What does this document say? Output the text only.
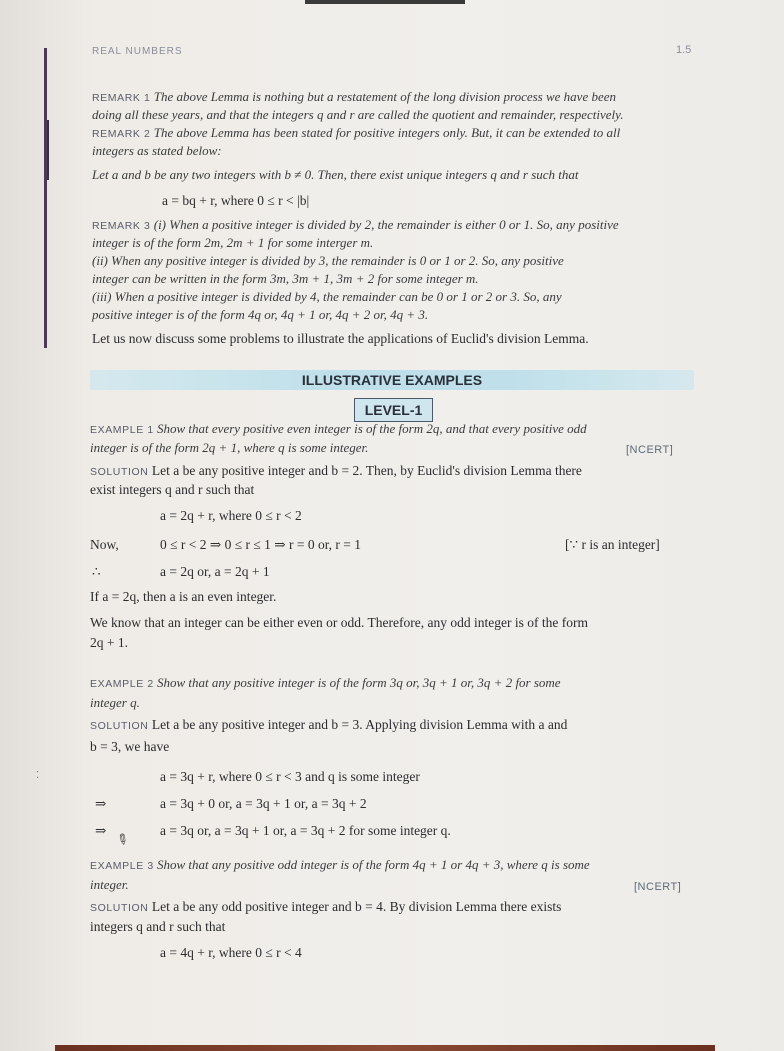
REAL NUMBERS	1.5
REMARK 1 The above Lemma is nothing but a restatement of the long division process we have been
doing all these years, and that the integers q and r are called the quotient and remainder, respectively.
REMARK 2 The above Lemma has been stated for positive integers only. But, it can be extended to all
integers as stated below:
Let a and b be any two integers with b ≠ 0. Then, there exist unique integers q and r such that
a = bq + r, where 0 ≤ r < |b|
REMARK 3 (i) When a positive integer is divided by 2, the remainder is either 0 or 1. So, any positive
integer is of the form 2m, 2m + 1 for some interger m.
(ii) When any positive integer is divided by 3, the remainder is 0 or 1 or 2. So, any positive
integer can be written in the form 3m, 3m + 1, 3m + 2 for some integer m.
(iii) When a positive integer is divided by 4, the remainder can be 0 or 1 or 2 or 3. So, any
positive integer is of the form 4q or, 4q + 1 or, 4q + 2 or, 4q + 3.
Let us now discuss some problems to illustrate the applications of Euclid's division Lemma.
ILLUSTRATIVE EXAMPLES
LEVEL-1
EXAMPLE 1 Show that every positive even integer is of the form 2q, and that every positive odd
integer is of the form 2q + 1, where q is some integer.	[NCERT]
SOLUTION Let a be any positive integer and b = 2. Then, by Euclid's division Lemma there
exist integers q and r such that
a = 2q + r, where 0 ≤ r < 2
Now,	0 ≤ r < 2 ⇒ 0 ≤ r ≤ 1 ⇒ r = 0 or, r = 1	[∵ r is an integer]
∴	a = 2q or, a = 2q + 1
If a = 2q, then a is an even integer.
We know that an integer can be either even or odd. Therefore, any odd integer is of the form
2q + 1.
EXAMPLE 2 Show that any positive integer is of the form 3q or, 3q + 1 or, 3q + 2 for some
integer q.
SOLUTION Let a be any positive integer and b = 3. Applying division Lemma with a and
b = 3, we have
a = 3q + r, where 0 ≤ r < 3 and q is some integer
⇒	a = 3q + 0 or, a = 3q + 1 or, a = 3q + 2
⇒	a = 3q or, a = 3q + 1 or, a = 3q + 2 for some integer q.
✎
EXAMPLE 3 Show that any positive odd integer is of the form 4q + 1 or 4q + 3, where q is some
integer.	[NCERT]
SOLUTION Let a be any odd positive integer and b = 4. By division Lemma there exists
integers q and r such that
a = 4q + r, where 0 ≤ r < 4
⁚
